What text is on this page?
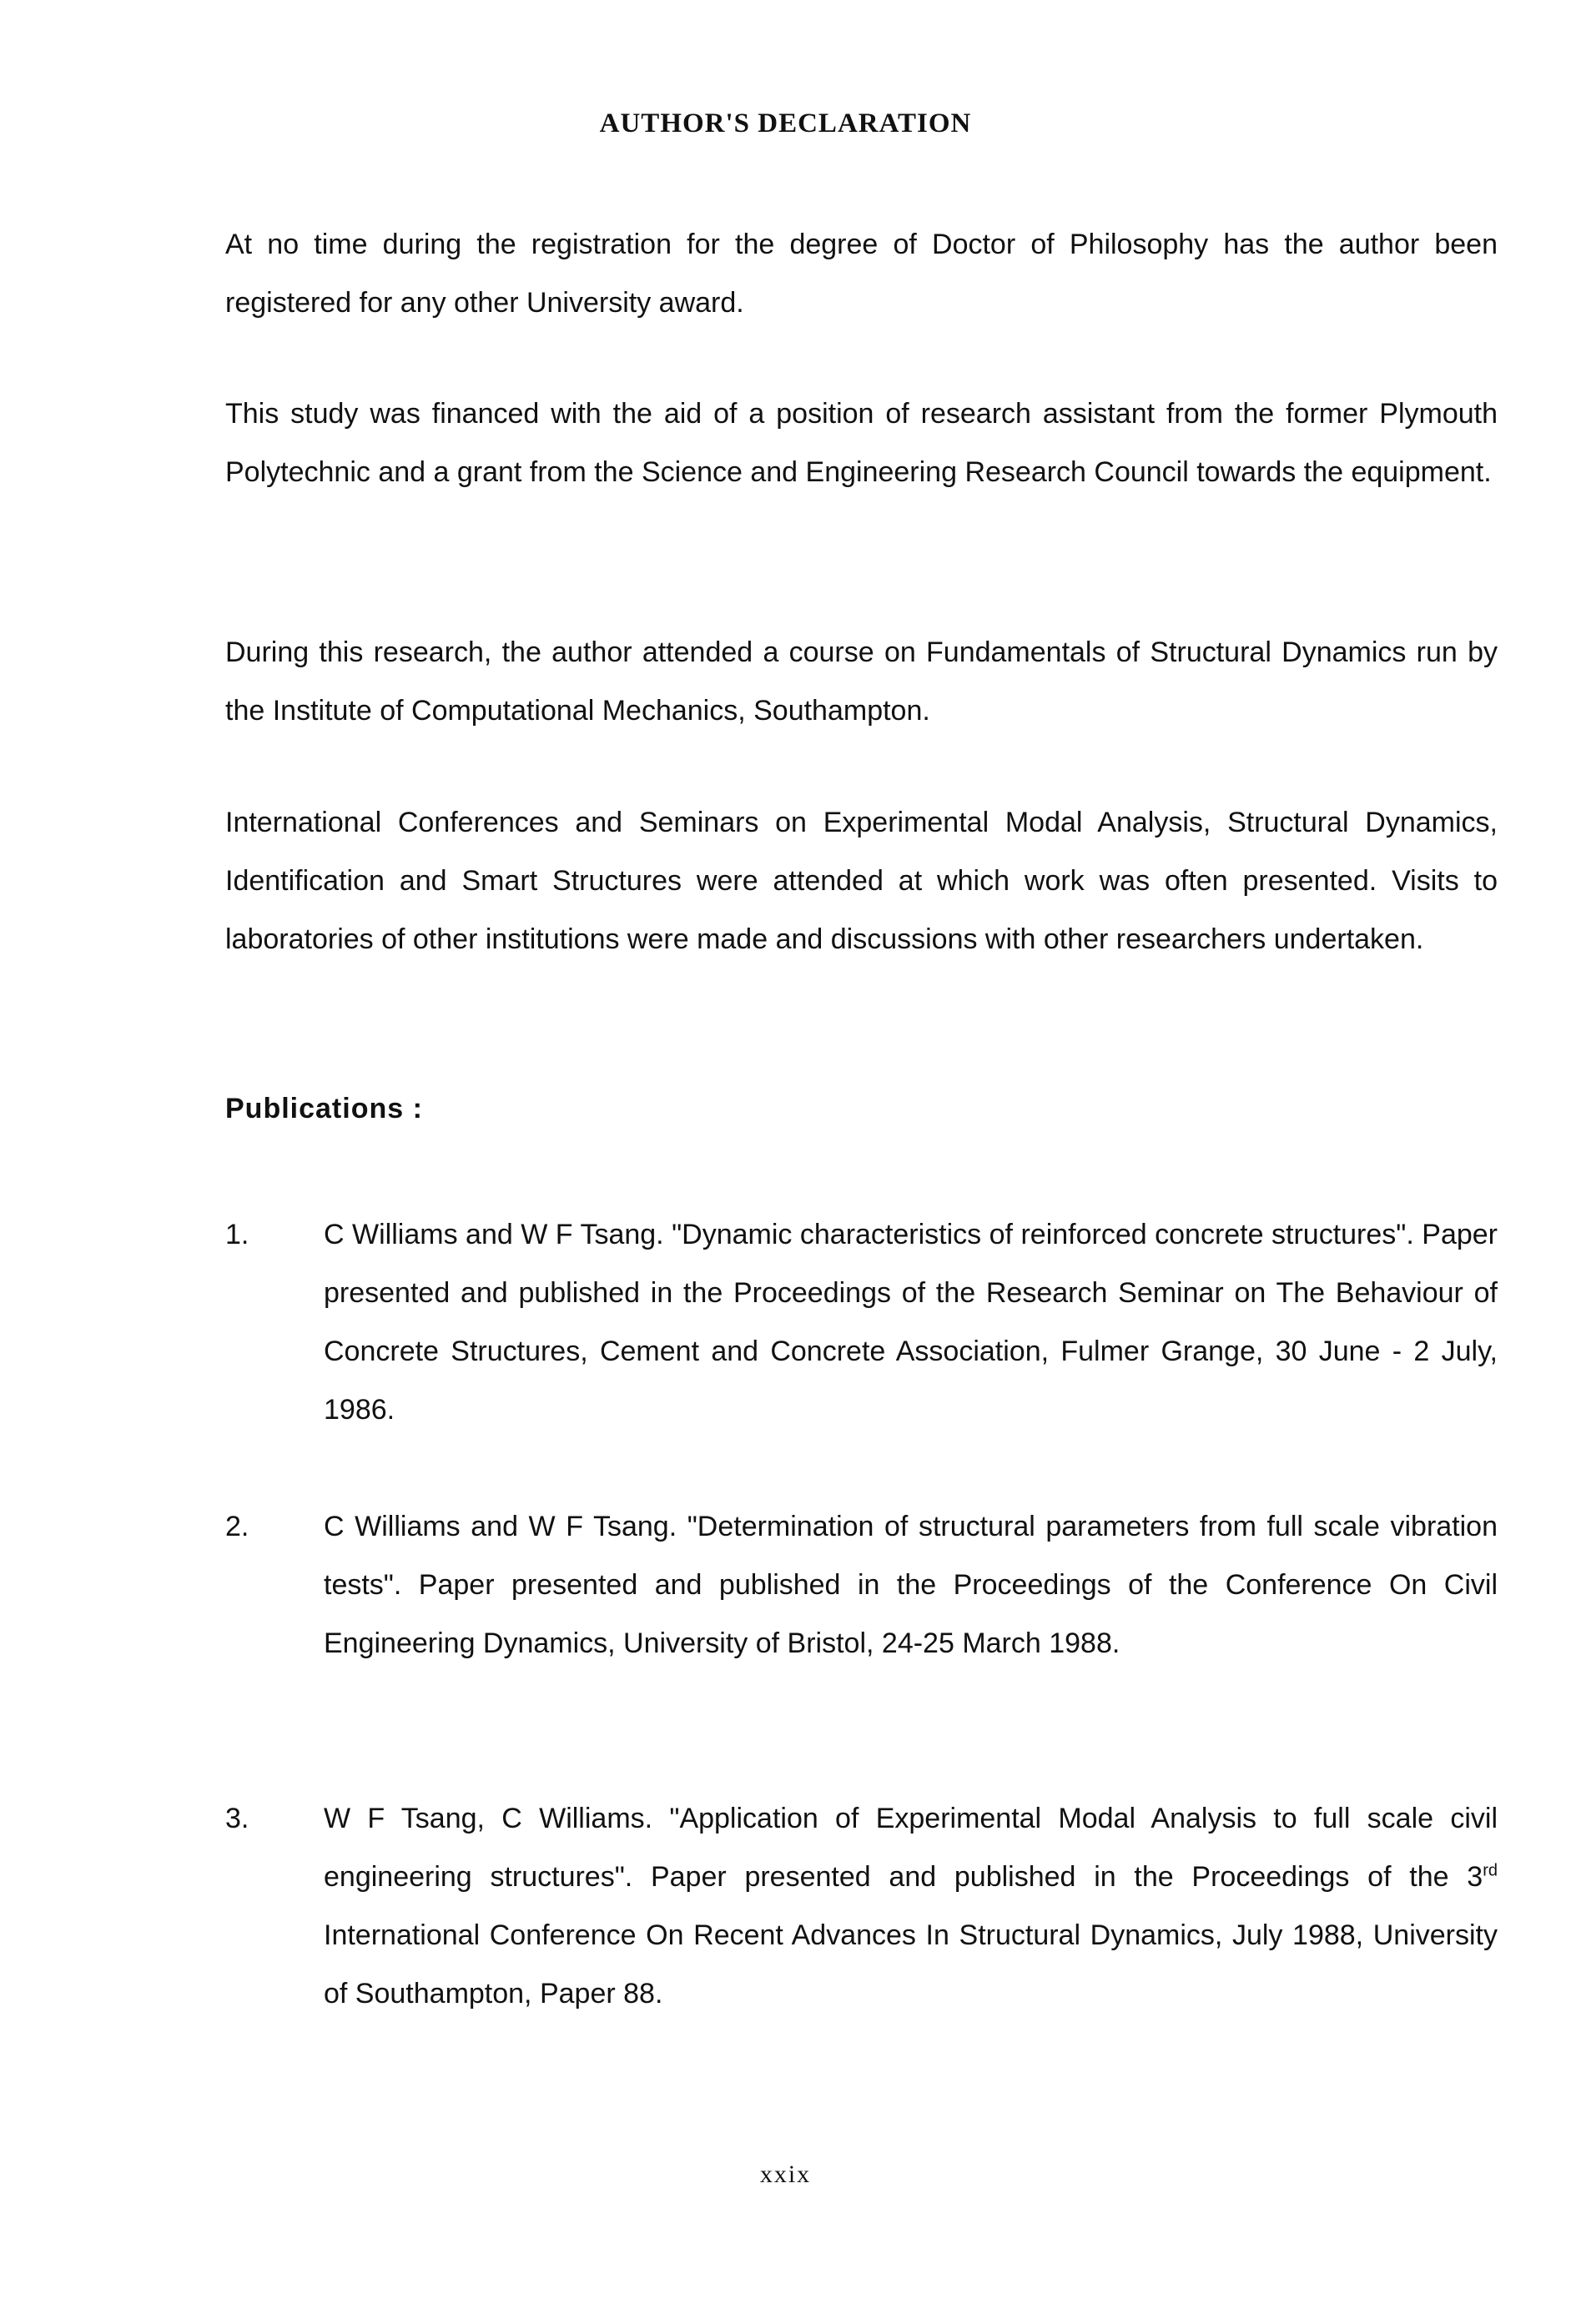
AUTHOR'S DECLARATION

At no time during the registration for the degree of Doctor of Philosophy has the author been registered for any other University award.

This study was financed with the aid of a position of research assistant from the former Plymouth Polytechnic and a grant from the Science and Engineering Research Council towards the equipment.

During this research, the author attended a course on Fundamentals of Structural Dynamics run by the Institute of Computational Mechanics, Southampton.

International Conferences and Seminars on Experimental Modal Analysis, Structural Dynamics, Identification and Smart Structures were attended at which work was often presented. Visits to laboratories of other institutions were made and discussions with other researchers undertaken.

Publications :
1.	C Williams and W F Tsang. "Dynamic characteristics of reinforced concrete structures". Paper presented and published in the Proceedings of the Research Seminar on The Behaviour of Concrete Structures, Cement and Concrete Association, Fulmer Grange, 30 June - 2 July, 1986.

2.	C Williams and W F Tsang. "Determination of structural parameters from full scale vibration tests". Paper presented and published in the Proceedings of the Conference On Civil Engineering Dynamics, University of Bristol, 24-25 March 1988.

3.	W F Tsang, C Williams. "Application of Experimental Modal Analysis to full scale civil engineering structures". Paper presented and published in the Proceedings of the 3rd International Conference On Recent Advances In Structural Dynamics, July 1988, University of Southampton, Paper 88.

xxix
